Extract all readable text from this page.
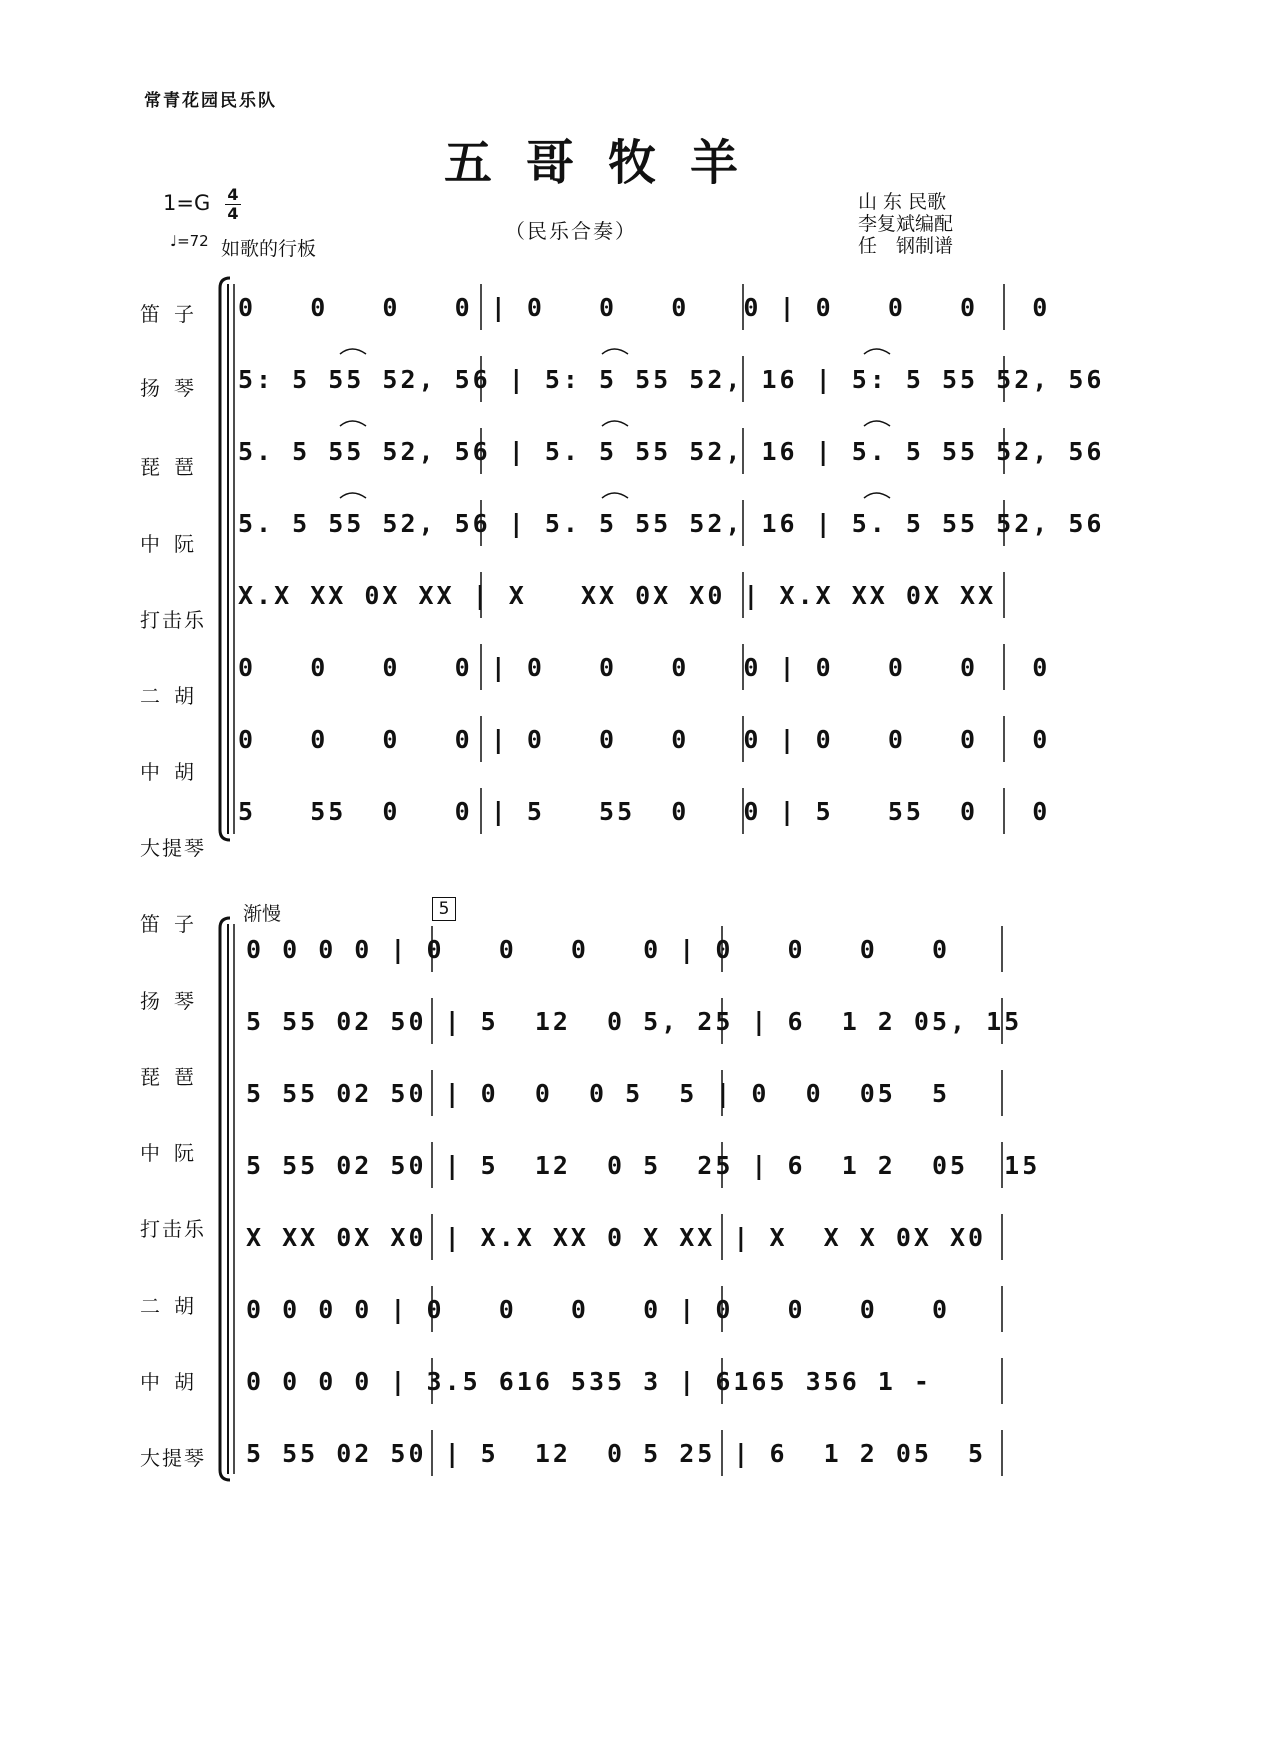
常青花园民乐队
五哥牧羊
1=G 4
4
♩=72 如歌的行板
（民乐合奏）
山 东 民歌
李复斌编配
任　钢制谱
笛子
扬琴
琵琶
中阮
打击乐
二胡
中胡
大提琴
0   0   0   0 | 0   0   0   0 | 0   0   0   0
5: 5 55 52, 56 | 5: 5 55 52, 16 | 5: 5 55 52, 56
5. 5 55 52, 56 | 5. 5 55 52, 16 | 5. 5 55 52, 56
5. 5 55 52, 56 | 5. 5 55 52, 16 | 5. 5 55 52, 56
X.X XX 0X XX | X   XX 0X X0 | X.X XX 0X XX
0   0   0   0 | 0   0   0   0 | 0   0   0   0
0   0   0   0 | 0   0   0   0 | 0   0   0   0
5   55  0   0 | 5   55  0   0 | 5   55  0   0
渐慢	5
笛子
扬琴
琵琶
中阮
打击乐
二胡
中胡
大提琴
0 0 0 0 | 0   0   0   0 | 0   0   0   0
5 55 02 50 | 5  12  0 5, 25 | 6  1 2 05, 15
5 55 02 50 | 0  0  0 5  5 | 0  0  05  5
5 55 02 50 | 5  12  0 5  25 | 6  1 2  05  15
X XX 0X X0 | X.X XX 0 X XX | X  X X 0X X0
0 0 0 0 | 0   0   0   0 | 0   0   0   0
0 0 0 0 | 3.5 616 535 3 | 6165 356 1 -
5 55 02 50 | 5  12  0 5 25 | 6  1 2 05  5
